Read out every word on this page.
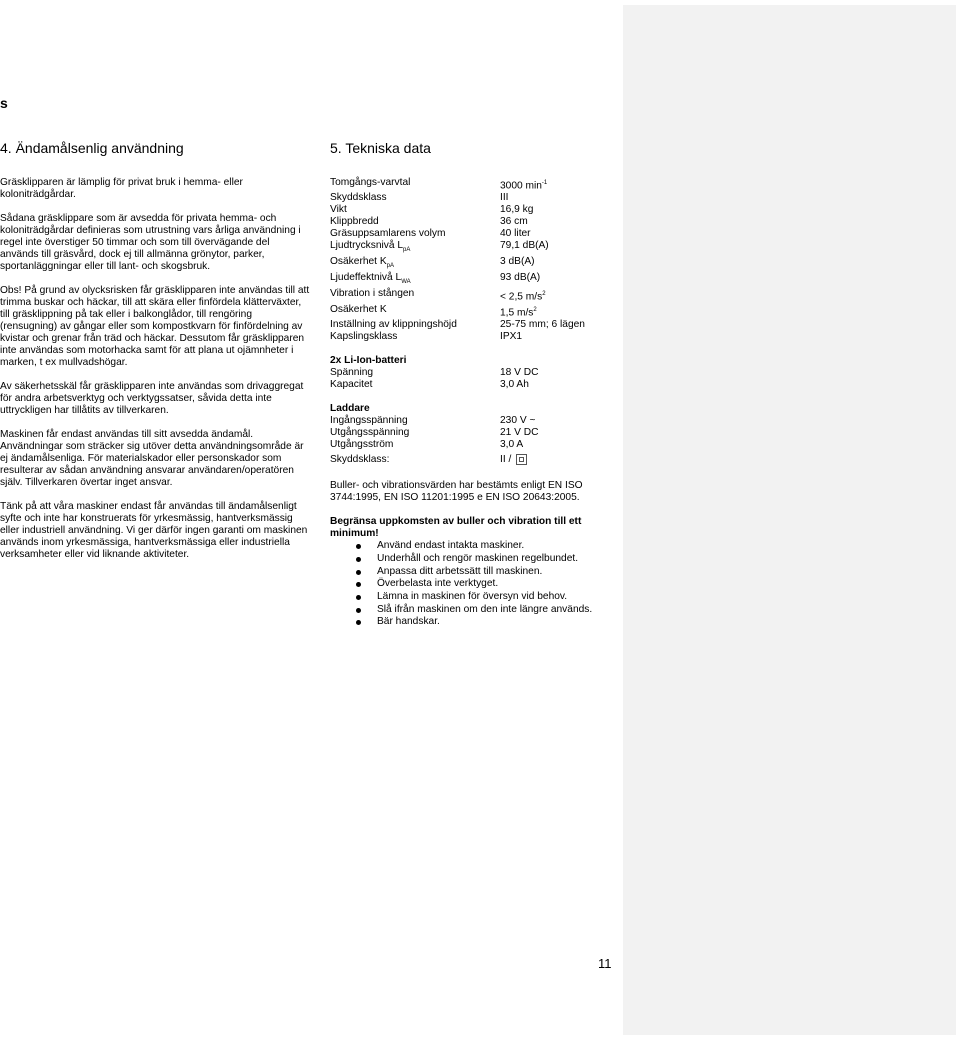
s
4. Ändamålsenlig användning

Gräsklipparen är lämplig för privat bruk i hemma- eller koloniträdgårdar.

Sådana gräsklippare som är avsedda för privata hemma- och koloniträdgårdar definieras som utrustning vars årliga användning i regel inte överstiger 50 timmar och som till övervägande del används till gräsvård, dock ej till allmänna grönytor, parker, sportanläggningar eller till lant- och skogsbruk.

Obs! På grund av olycksrisken får gräsklipparen inte användas till att trimma buskar och häckar, till att skära eller finfördela klätterväxter, till gräsklippning på tak eller i balkonglådor, till rengöring (rensugning) av gångar eller som kompostkvarn för finfördelning av kvistar och grenar från träd och häckar. Dessutom får gräsklipparen inte användas som motorhacka samt för att plana ut ojämnheter i marken, t ex mullvadshögar.

Av säkerhetsskäl får gräsklipparen inte användas som drivaggregat för andra arbetsverktyg och verktygssatser, såvida detta inte uttryckligen har tillåtits av tillverkaren.

Maskinen får endast användas till sitt avsedda ändamål. Användningar som sträcker sig utöver detta användningsområde är ej ändamålsenliga. För materialskador eller personskador som resulterar av sådan användning ansvarar användaren/operatören själv. Tillverkaren övertar inget ansvar.

Tänk på att våra maskiner endast får användas till ändamålsenligt syfte och inte har konstruerats för yrkesmässig, hantverksmässig eller industriell användning. Vi ger därför ingen garanti om maskinen används inom yrkesmässiga, hantverksmässiga eller industriella verksamheter eller vid liknande aktiviteter.

5. Tekniska data
Tomgångs-varvtal	3000 $\min^{-1}$
Skyddsklass	III
Vikt	16,9 kg
Klippbredd	36 cm
Gräsuppsamlarens volym	40 liter
Ljudtrycksnivå $L_{pA}$	79,1 dB(A)
Osäkerhet $K_{pA}$	3 dB(A)
Ljudeffektnivå $L_{WA}$	93 dB(A)
Vibration i stången	< 2,5 $m/s^2$
Osäkerhet K	1,5 $m/s^2$
Inställning av klippningshöjd	25-75 mm; 6 lägen
Kapslingsklass	IPX1
2x Li-Ion-batteri
Spänning	18 V DC
Kapacitet	3,0 Ah
Laddare
Ingångsspänning	230 V ~
Utgångsspänning	21 V DC
Utgångsström	3,0 A
Skyddsklass:	II /

Buller- och vibrationsvärden har bestämts enligt EN ISO 3744:1995, EN ISO 11201:1995 e EN ISO 20643:2005.

Begränsa uppkomsten av buller och vibration till ett minimum!

Använd endast intakta maskiner.
Underhåll och rengör maskinen regelbundet.
Anpassa ditt arbetssätt till maskinen.
Överbelasta inte verktyget.
Lämna in maskinen för översyn vid behov.
Slå ifrån maskinen om den inte längre används.
Bär handskar.
11
